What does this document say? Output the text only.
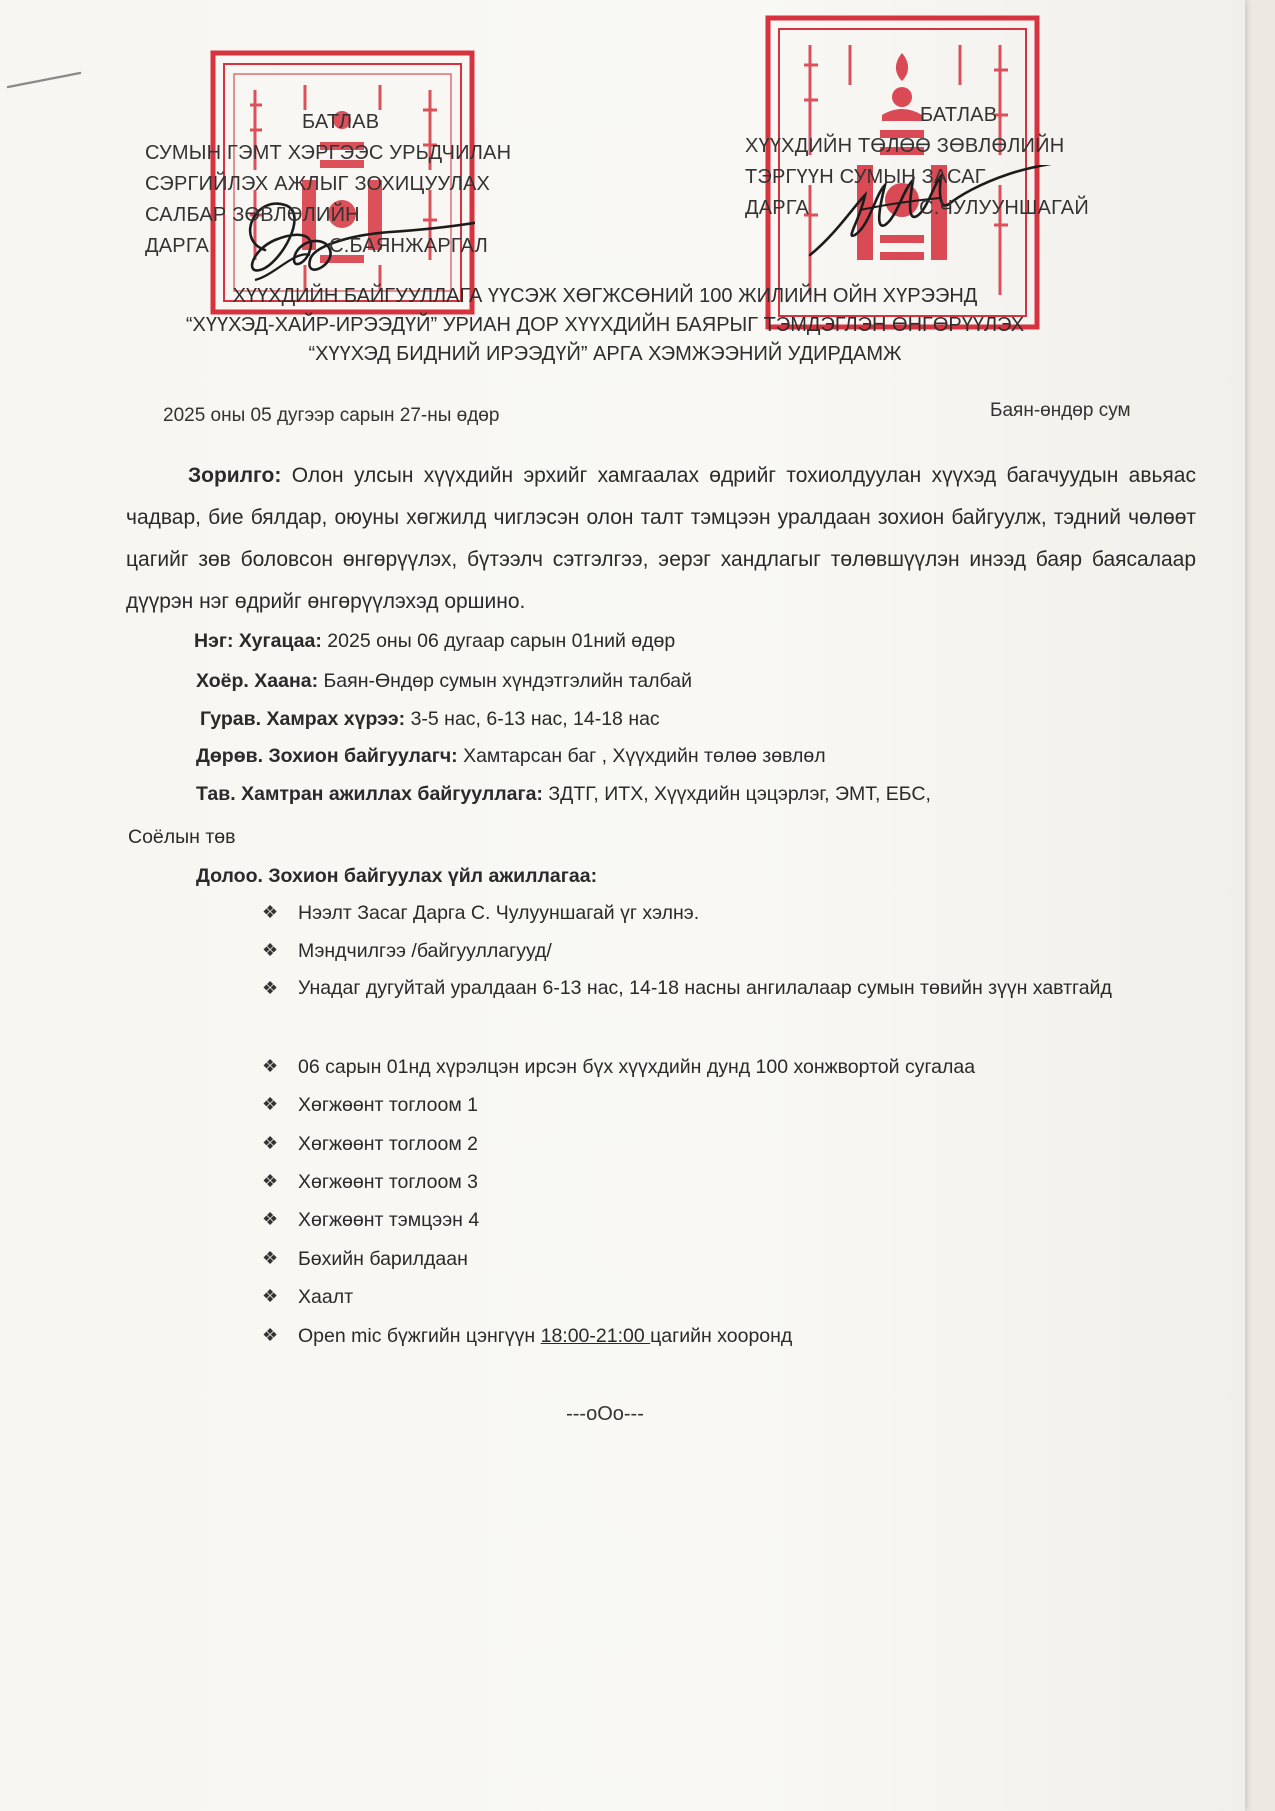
БАТЛАВ
СУМЫН ГЭМТ ХЭРГЭЭС УРЬДЧИЛАН
СЭРГИЙЛЭХ АЖЛЫГ ЗОХИЦУУЛАХ
САЛБАР ЗӨВЛӨЛИЙН
ДАРГА	С.БАЯНЖАРГАЛ
БАТЛАВ
ХҮҮХДИЙН ТӨЛӨӨ ЗӨВЛӨЛИЙН
ТЭРГҮҮН СУМЫН ЗАСАГ
ДАРГА	С.ЧУЛУУНШАГАЙ
ХҮҮХДИЙН БАЙГУУЛЛАГА ҮҮСЭЖ ХӨГЖСӨНИЙ 100 ЖИЛИЙН ОЙН ХҮРЭЭНД
“ХҮҮХЭД-ХАЙР-ИРЭЭДҮЙ” УРИАН ДОР ХҮҮХДИЙН БАЯРЫГ ТЭМДЭГЛЭН ӨНГӨРҮҮЛЭХ
“ХҮҮХЭД БИДНИЙ ИРЭЭДҮЙ” АРГА ХЭМЖЭЭНИЙ УДИРДАМЖ
2025 оны 05 дугээр сарын 27-ны өдөр	Баян-өндөр сум
Зорилго: Олон улсын хүүхдийн эрхийг хамгаалах өдрийг тохиолдуулан хүүхэд багачуудын авьяас чадвар, бие бялдар, оюуны хөгжилд чиглэсэн олон талт тэмцээн уралдаан зохион байгуулж, тэдний чөлөөт цагийг зөв боловсон өнгөрүүлэх, бүтээлч сэтгэлгээ, эерэг хандлагыг төлөвшүүлэн инээд баяр баясалаар дүүрэн нэг өдрийг өнгөрүүлэхэд оршино.
Нэг: Хугацаа: 2025 оны 06 дугаар сарын 01ний өдөр
Хоёр. Хаана: Баян-Өндөр сумын хүндэтгэлийн талбай
Гурав. Хамрах хүрээ: 3-5 нас, 6-13 нас, 14-18 нас
Дөрөв. Зохион байгуулагч: Хамтарсан баг , Хүүхдийн төлөө зөвлөл
Тав. Хамтран ажиллах байгууллага: ЗДТГ, ИТХ, Хүүхдийн цэцэрлэг, ЭМТ, ЕБС,
Соёлын төв
Долоо. Зохион байгуулах үйл ажиллагаа:
❖	Нээлт Засаг Дарга С. Чулууншагай үг хэлнэ.
❖	Мэндчилгээ /байгууллагууд/
❖	Унадаг дугуйтай уралдаан 6-13 нас, 14-18 насны ангилалаар сумын төвийн зүүн хавтгайд
❖	06 сарын 01нд хүрэлцэн ирсэн бүх хүүхдийн дунд 100 хонжвортой сугалаа
❖	Хөгжөөнт тоглоом 1
❖	Хөгжөөнт тоглоом 2
❖	Хөгжөөнт тоглоом 3
❖	Хөгжөөнт тэмцээн 4
❖	Бөхийн барилдаан
❖	Хаалт
❖	Open mic бүжгийн цэнгүүн 18:00-21:00 цагийн хооронд
---oOo---
